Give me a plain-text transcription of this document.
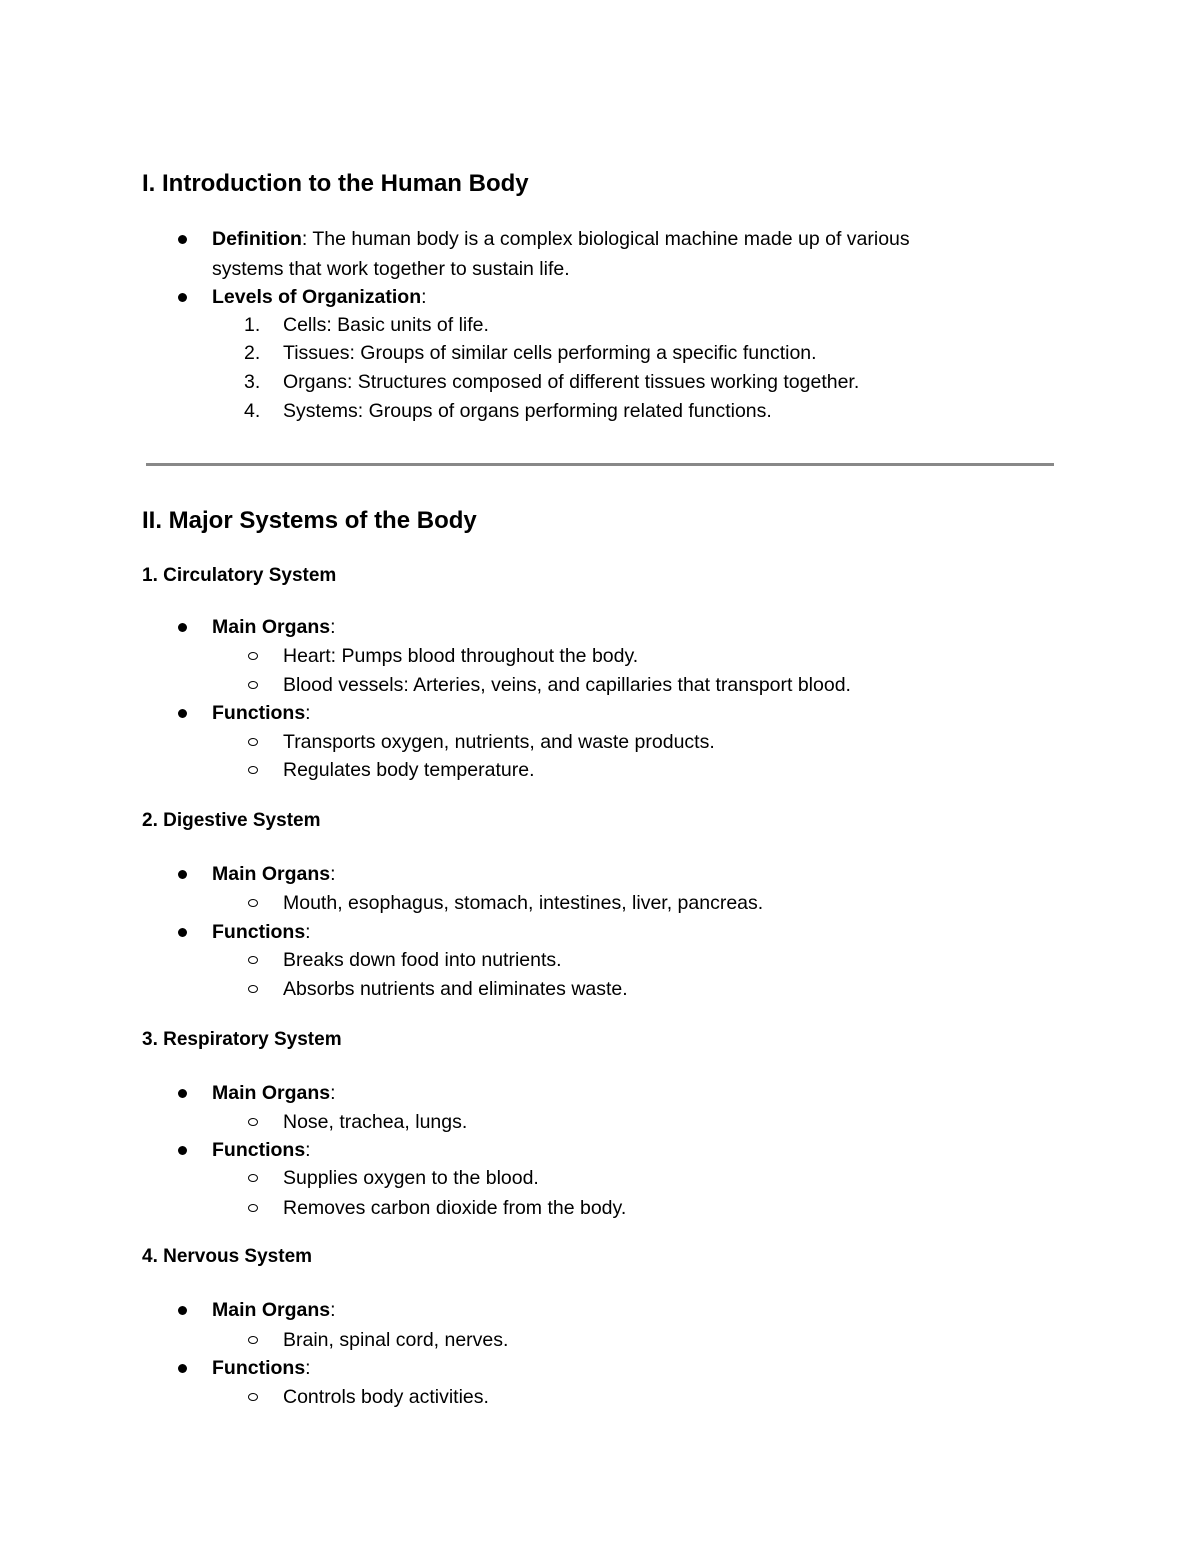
I. Introduction to the Human Body
Definition: The human body is a complex biological machine made up of various
systems that work together to sustain life.
Levels of Organization:
1.	Cells: Basic units of life.
2.	Tissues: Groups of similar cells performing a specific function.
3.	Organs: Structures composed of different tissues working together.
4.	Systems: Groups of organs performing related functions.
II. Major Systems of the Body
1. Circulatory System
Main Organs:
Heart: Pumps blood throughout the body.
Blood vessels: Arteries, veins, and capillaries that transport blood.
Functions:
Transports oxygen, nutrients, and waste products.
Regulates body temperature.
2. Digestive System
Main Organs:
Mouth, esophagus, stomach, intestines, liver, pancreas.
Functions:
Breaks down food into nutrients.
Absorbs nutrients and eliminates waste.
3. Respiratory System
Main Organs:
Nose, trachea, lungs.
Functions:
Supplies oxygen to the blood.
Removes carbon dioxide from the body.
4. Nervous System
Main Organs:
Brain, spinal cord, nerves.
Functions:
Controls body activities.
